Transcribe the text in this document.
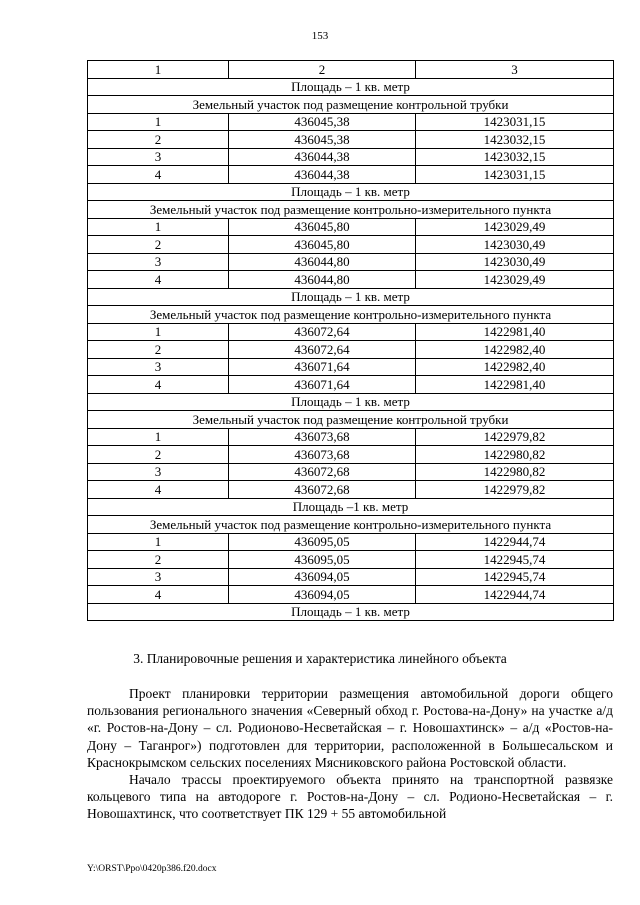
153
1	2	3
Площадь – 1 кв. метр		
Земельный участок под размещение контрольной трубки		
1	436045,38	1423031,15
2	436045,38	1423032,15
3	436044,38	1423032,15
4	436044,38	1423031,15
Площадь – 1 кв. метр		
Земельный участок под размещение контрольно-измерительного пункта		
1	436045,80	1423029,49
2	436045,80	1423030,49
3	436044,80	1423030,49
4	436044,80	1423029,49
Площадь – 1 кв. метр		
Земельный участок под размещение контрольно-измерительного пункта		
1	436072,64	1422981,40
2	436072,64	1422982,40
3	436071,64	1422982,40
4	436071,64	1422981,40
Площадь – 1 кв. метр		
Земельный участок под размещение контрольной трубки		
1	436073,68	1422979,82
2	436073,68	1422980,82
3	436072,68	1422980,82
4	436072,68	1422979,82
Площадь –1 кв. метр		
Земельный участок под размещение контрольно-измерительного пункта		
1	436095,05	1422944,74
2	436095,05	1422945,74
3	436094,05	1422945,74
4	436094,05	1422944,74
Площадь – 1 кв. метр		
3. Планировочные решения и характеристика линейного объекта

Проект планировки территории размещения автомобильной дороги общего пользования регионального значения «Северный обход г. Ростова-на-Дону» на участке а/д «г. Ростов-на-Дону – сл. Родионово-Несветайская – г. Новошахтинск» – а/д «Ростов-на-Дону – Таганрог») подготовлен для территории, расположенной в Большесальском и Краснокрымском сельских поселениях Мясниковского района Ростовской области.

Начало трассы проектируемого объекта принято на транспортной развязке кольцевого типа на автодороге г. Ростов-на-Дону – сл. Родионо-Несветайская – г. Новошахтинск, что соответствует ПК 129 + 55 автомобильной

Y:\ORST\Ppo\0420p386.f20.docx
